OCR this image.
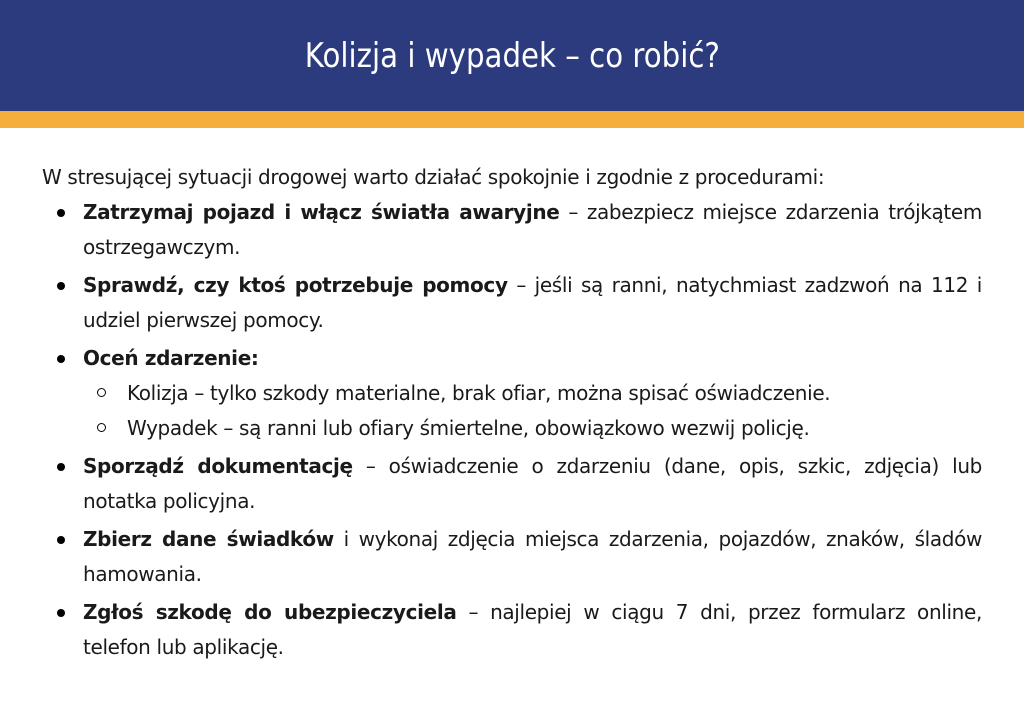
Kolizja i wypadek – co robić?

W stresującej sytuacji drogowej warto działać spokojnie i zgodnie z procedurami:

Zatrzymaj pojazd i włącz światła awaryjne – zabezpiecz miejsce zdarzenia trójkątem ostrzegawczym.
Sprawdź, czy ktoś potrzebuje pomocy – jeśli są ranni, natychmiast zadzwoń na 112 i udziel pierwszej pomocy.
Oceń zdarzenie:
Kolizja – tylko szkody materialne, brak ofiar, można spisać oświadczenie.
Wypadek – są ranni lub ofiary śmiertelne, obowiązkowo wezwij policję.
Sporządź dokumentację – oświadczenie o zdarzeniu (dane, opis, szkic, zdjęcia) lub notatka policyjna.
Zbierz dane świadków i wykonaj zdjęcia miejsca zdarzenia, pojazdów, znaków, śladów hamowania.
Zgłoś szkodę do ubezpieczyciela – najlepiej w ciągu 7 dni, przez formularz online, telefon lub aplikację.
